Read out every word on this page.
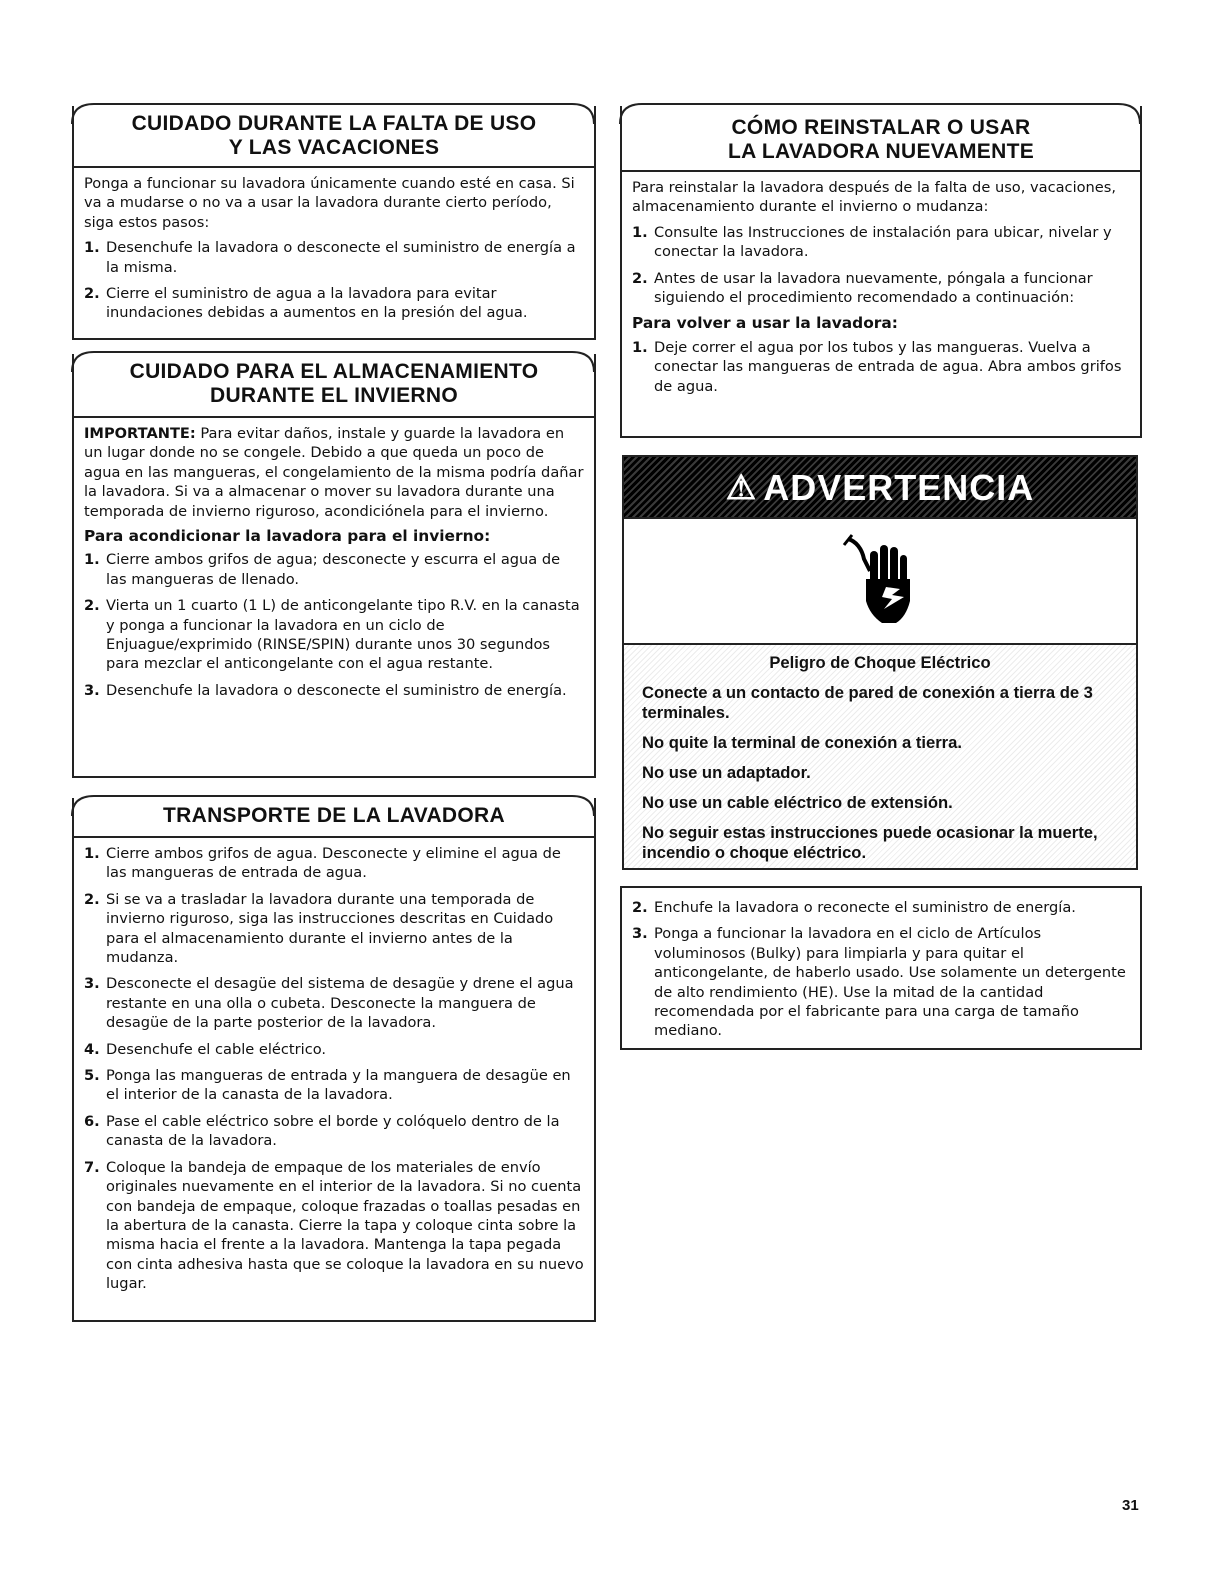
CUIDADO DURANTE LA FALTA DE USO
Y LAS VACACIONES

Ponga a funcionar su lavadora únicamente cuando esté en casa. Si va a mudarse o no va a usar la lavadora durante cierto período, siga estos pasos:

1. Desenchufe la lavadora o desconecte el suministro de energía a la misma.
2. Cierre el suministro de agua a la lavadora para evitar inundaciones debidas a aumentos en la presión del agua.
CUIDADO PARA EL ALMACENAMIENTO
DURANTE EL INVIERNO

IMPORTANTE: Para evitar daños, instale y guarde la lavadora en un lugar donde no se congele. Debido a que queda un poco de agua en las mangueras, el congelamiento de la misma podría dañar la lavadora. Si va a almacenar o mover su lavadora durante una temporada de invierno riguroso, acondiciónela para el invierno.

Para acondicionar la lavadora para el invierno:
1. Cierre ambos grifos de agua; desconecte y escurra el agua de las mangueras de llenado.
2. Vierta un 1 cuarto (1 L) de anticongelante tipo R.V. en la canasta y ponga a funcionar la lavadora en un ciclo de Enjuague/exprimido (RINSE/SPIN) durante unos 30 segundos para mezclar el anticongelante con el agua restante.
3. Desenchufe la lavadora o desconecte el suministro de energía.
TRANSPORTE DE LA LAVADORA
1. Cierre ambos grifos de agua. Desconecte y elimine el agua de las mangueras de entrada de agua.
2. Si se va a trasladar la lavadora durante una temporada de invierno riguroso, siga las instrucciones descritas en Cuidado para el almacenamiento durante el invierno antes de la mudanza.
3. Desconecte el desagüe del sistema de desagüe y drene el agua restante en una olla o cubeta. Desconecte la manguera de desagüe de la parte posterior de la lavadora.
4. Desenchufe el cable eléctrico.
5. Ponga las mangueras de entrada y la manguera de desagüe en el interior de la canasta de la lavadora.
6. Pase el cable eléctrico sobre el borde y colóquelo dentro de la canasta de la lavadora.
7. Coloque la bandeja de empaque de los materiales de envío originales nuevamente en el interior de la lavadora. Si no cuenta con bandeja de empaque, coloque frazadas o toallas pesadas en la abertura de la canasta. Cierre la tapa y coloque cinta sobre la misma hacia el frente a la lavadora. Mantenga la tapa pegada con cinta adhesiva hasta que se coloque la lavadora en su nuevo lugar.
CÓMO REINSTALAR O USAR
LA LAVADORA NUEVAMENTE

Para reinstalar la lavadora después de la falta de uso, vacaciones, almacenamiento durante el invierno o mudanza:

1. Consulte las Instrucciones de instalación para ubicar, nivelar y conectar la lavadora.
2. Antes de usar la lavadora nuevamente, póngala a funcionar siguiendo el procedimiento recomendado a continuación:
Para volver a usar la lavadora:
1. Deje correr el agua por los tubos y las mangueras. Vuelva a conectar las mangueras de entrada de agua. Abra ambos grifos de agua.
⚠ ADVERTENCIA
Peligro de Choque Eléctrico

Conecte a un contacto de pared de conexión a tierra de 3 terminales.

No quite la terminal de conexión a tierra.

No use un adaptador.

No use un cable eléctrico de extensión.

No seguir estas instrucciones puede ocasionar la muerte, incendio o choque eléctrico.

2. Enchufe la lavadora o reconecte el suministro de energía.
3. Ponga a funcionar la lavadora en el ciclo de Artículos voluminosos (Bulky) para limpiarla y para quitar el anticongelante, de haberlo usado. Use solamente un detergente de alto rendimiento (HE). Use la mitad de la cantidad recomendada por el fabricante para una carga de tamaño mediano.
31
